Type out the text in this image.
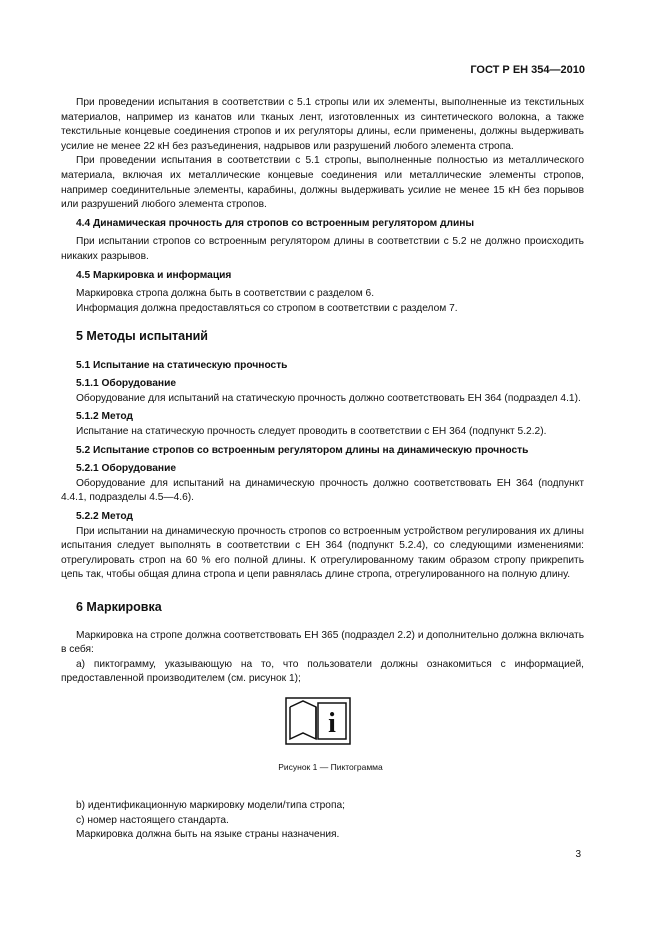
ГОСТ Р ЕН 354—2010

При проведении испытания в соответствии с 5.1 стропы или их элементы, выполненные из текстильных материалов, например из канатов или тканых лент, изготовленных из синтетического волокна, а также текстильные концевые соединения стропов и их регуляторы длины, если применены, должны выдерживать усилие не менее 22 кН без разъединения, надрывов или разрушений любого элемента стропа.

При проведении испытания в соответствии с 5.1 стропы, выполненные полностью из металлического материала, включая их металлические концевые соединения или металлические элементы стропов, например соединительные элементы, карабины, должны выдерживать усилие не менее 15 кН без порывов или разрушений любого элемента стропов.

4.4 Динамическая прочность для стропов со встроенным регулятором длины

При испытании стропов со встроенным регулятором длины в соответствии с 5.2 не должно происходить никаких разрывов.

4.5 Маркировка и информация

Маркировка стропа должна быть в соответствии с разделом 6.

Информация должна предоставляться со стропом в соответствии с разделом 7.

5 Методы испытаний

5.1 Испытание на статическую прочность

5.1.1 Оборудование

Оборудование для испытаний на статическую прочность должно соответствовать ЕН 364 (подраздел 4.1).

5.1.2 Метод

Испытание на статическую прочность следует проводить в соответствии с ЕН 364 (подпункт 5.2.2).

5.2 Испытание стропов со встроенным регулятором длины на динамическую прочность

5.2.1 Оборудование

Оборудование для испытаний на динамическую прочность должно соответствовать ЕН 364 (подпункт 4.4.1, подразделы 4.5—4.6).

5.2.2 Метод

При испытании на динамическую прочность стропов со встроенным устройством регулирования их длины испытания следует выполнять в соответствии с ЕН 364 (подпункт 5.2.4), со следующими изменениями: отрегулировать строп на 60 % его полной длины. К отрегулированному таким образом стропу прикрепить цепь так, чтобы общая длина стропа и цепи равнялась длине стропа, отрегулированного на полную длину.

6 Маркировка

Маркировка на стропе должна соответствовать ЕН 365 (подраздел 2.2) и дополнительно должна включать в себя:

а) пиктограмму, указывающую на то, что пользователи должны ознакомиться с информацией, предоставленной производителем (см. рисунок 1);

i
Рисунок 1 — Пиктограмма

b) идентификационную маркировку модели/типа стропа;

c) номер настоящего стандарта.

Маркировка должна быть на языке страны назначения.

3
